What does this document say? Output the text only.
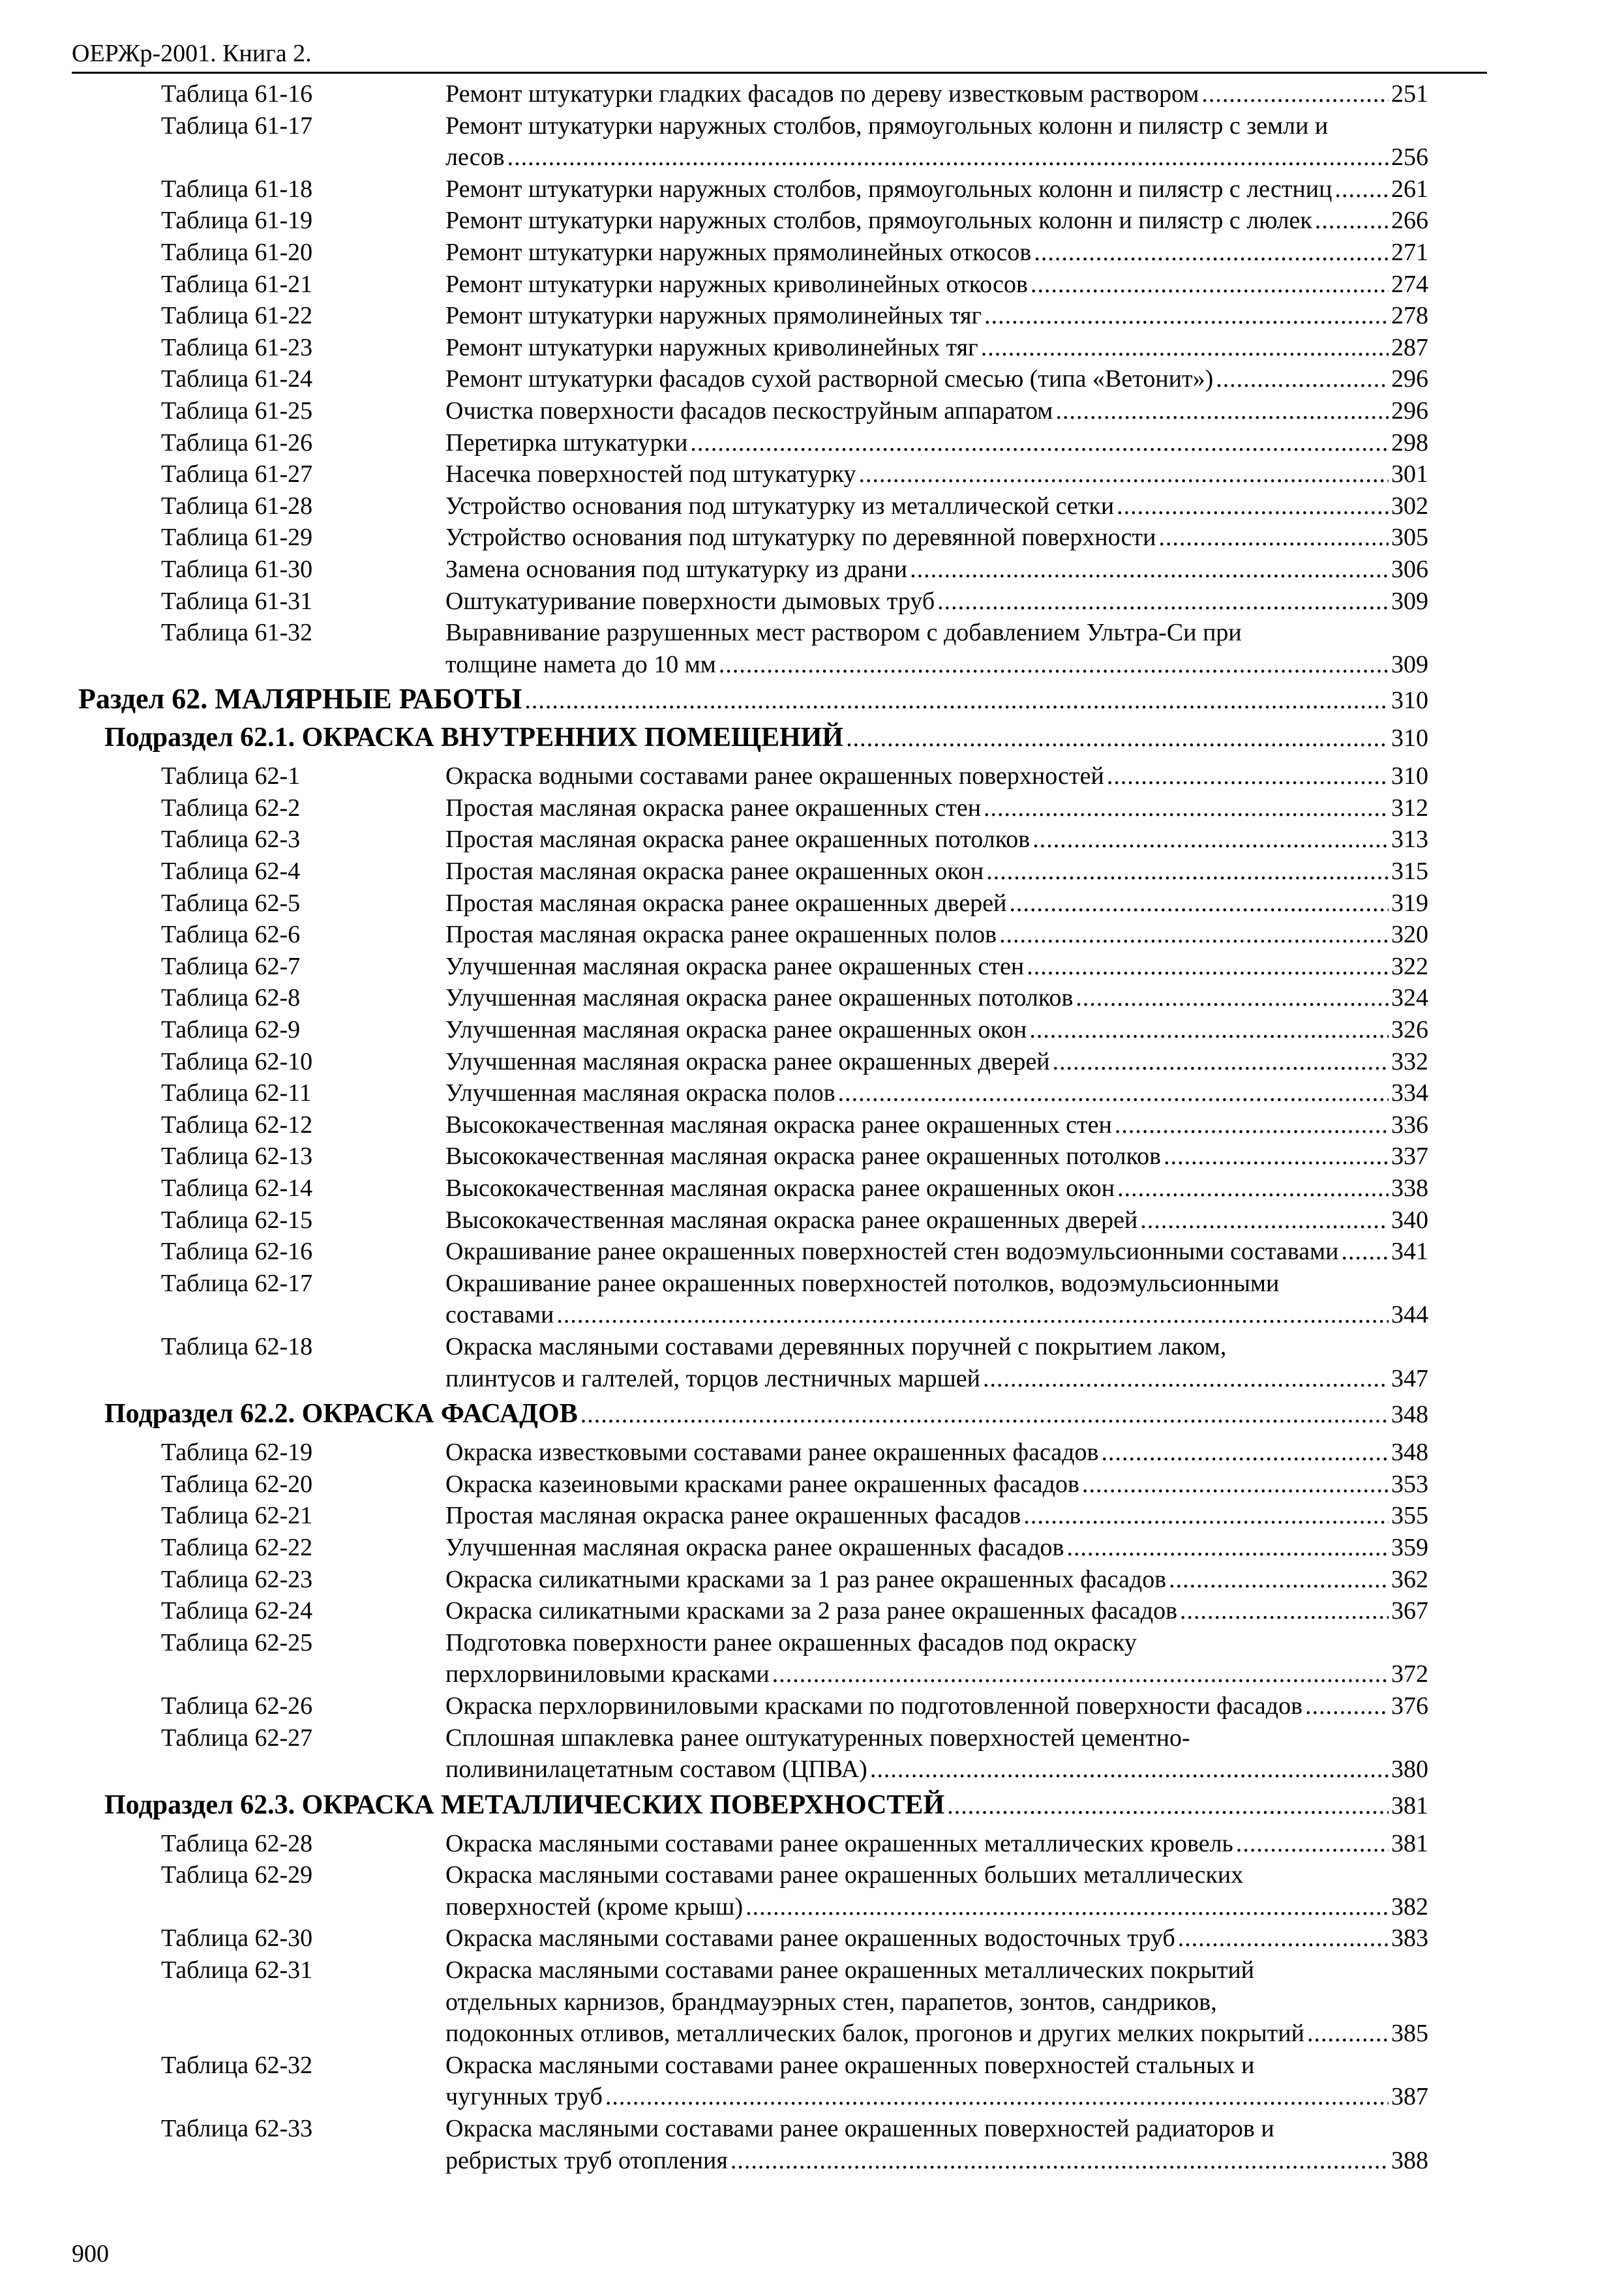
ОЕРЖр-2001. Книга 2.
Таблица 61-16	Ремонт штукатурки гладких фасадов по дереву известковым раствором .....	251
Таблица 61-17	Ремонт штукатурки наружных столбов, прямоугольных колонн и пилястр с земли и
лесов .....	256
Таблица 61-18	Ремонт штукатурки наружных столбов, прямоугольных колонн и пилястр с лестниц ..... 261
Таблица 61-19	Ремонт штукатурки наружных столбов, прямоугольных колонн и пилястр с люлек .....	266
Таблица 61-20	Ремонт штукатурки наружных прямолинейных откосов .....	271
Таблица 61-21	Ремонт штукатурки наружных криволинейных откосов .....	274
Таблица 61-22	Ремонт штукатурки наружных прямолинейных тяг .....	278
Таблица 61-23	Ремонт штукатурки наружных криволинейных тяг .....	287
Таблица 61-24	Ремонт штукатурки фасадов сухой растворной смесью (типа «Ветонит») .....	296
Таблица 61-25	Очистка поверхности фасадов пескоструйным аппаратом .....	296
Таблица 61-26	Перетирка штукатурки .....	298
Таблица 61-27	Насечка поверхностей под штукатурку .....	301
Таблица 61-28	Устройство основания под штукатурку из металлической сетки .....	302
Таблица 61-29	Устройство основания под штукатурку по деревянной поверхности .....	305
Таблица 61-30	Замена основания под штукатурку из драни .....	306
Таблица 61-31	Оштукатуривание поверхности дымовых труб .....	309
Таблица 61-32	Выравнивание разрушенных мест раствором с добавлением Ультра-Си при
толщине намета до 10 мм .....	309
Раздел 62. МАЛЯРНЫЕ РАБОТЫ .....	310
Подраздел 62.1. ОКРАСКА ВНУТРЕННИХ ПОМЕЩЕНИЙ .....	310
Таблица 62-1	Окраска водными составами ранее окрашенных поверхностей .....	310
Таблица 62-2	Простая масляная окраска ранее окрашенных стен .....	312
Таблица 62-3	Простая масляная окраска ранее окрашенных потолков .....	313
Таблица 62-4	Простая масляная окраска ранее окрашенных окон .....	315
Таблица 62-5	Простая масляная окраска ранее окрашенных дверей .....	319
Таблица 62-6	Простая масляная окраска ранее окрашенных полов .....	320
Таблица 62-7	Улучшенная масляная окраска ранее окрашенных стен .....	322
Таблица 62-8	Улучшенная масляная окраска ранее окрашенных потолков .....	324
Таблица 62-9	Улучшенная масляная окраска ранее окрашенных окон .....	326
Таблица 62-10	Улучшенная масляная окраска ранее окрашенных дверей .....	332
Таблица 62-11	Улучшенная масляная окраска полов .....	334
Таблица 62-12	Высококачественная масляная окраска ранее окрашенных стен .....	336
Таблица 62-13	Высококачественная масляная окраска ранее окрашенных потолков .....	337
Таблица 62-14	Высококачественная масляная окраска ранее окрашенных окон .....	338
Таблица 62-15	Высококачественная масляная окраска ранее окрашенных дверей .....	340
Таблица 62-16	Окрашивание ранее окрашенных поверхностей стен водоэмульсионными составами ..... 341
Таблица 62-17	Окрашивание ранее окрашенных поверхностей потолков, водоэмульсионными
составами .....	344
Таблица 62-18	Окраска масляными составами деревянных поручней с покрытием лаком,
плинтусов и галтелей, торцов лестничных маршей .....	347
Подраздел 62.2. ОКРАСКА ФАСАДОВ .....	348
Таблица 62-19	Окраска известковыми составами ранее окрашенных фасадов .....	348
Таблица 62-20	Окраска казеиновыми красками ранее окрашенных фасадов .....	353
Таблица 62-21	Простая масляная окраска ранее окрашенных фасадов .....	355
Таблица 62-22	Улучшенная масляная окраска ранее окрашенных фасадов .....	359
Таблица 62-23	Окраска силикатными красками за 1 раз ранее окрашенных фасадов .....	362
Таблица 62-24	Окраска силикатными красками за 2 раза ранее окрашенных фасадов .....	367
Таблица 62-25	Подготовка поверхности ранее окрашенных фасадов под окраску
перхлорвиниловыми красками .....	372
Таблица 62-26	Окраска перхлорвиниловыми красками по подготовленной поверхности фасадов .....	376
Таблица 62-27	Сплошная шпаклевка ранее оштукатуренных поверхностей цементно-
поливинилацетатным составом (ЦПВА) .....	380
Подраздел 62.3. ОКРАСКА МЕТАЛЛИЧЕСКИХ ПОВЕРХНОСТЕЙ .....	381
Таблица 62-28	Окраска масляными составами ранее окрашенных металлических кровель .....	381
Таблица 62-29	Окраска масляными составами ранее окрашенных больших металлических
поверхностей (кроме крыш) .....	382
Таблица 62-30	Окраска масляными составами ранее окрашенных водосточных труб .....	383
Таблица 62-31	Окраска масляными составами ранее окрашенных металлических покрытий
отдельных карнизов, брандмауэрных стен, парапетов, зонтов, сандриков,
подоконных отливов, металлических балок, прогонов и других мелких покрытий .....	385
Таблица 62-32	Окраска масляными составами ранее окрашенных поверхностей стальных и
чугунных труб .....	387
Таблица 62-33	Окраска масляными составами ранее окрашенных поверхностей радиаторов и
ребристых труб отопления .....	388
900
